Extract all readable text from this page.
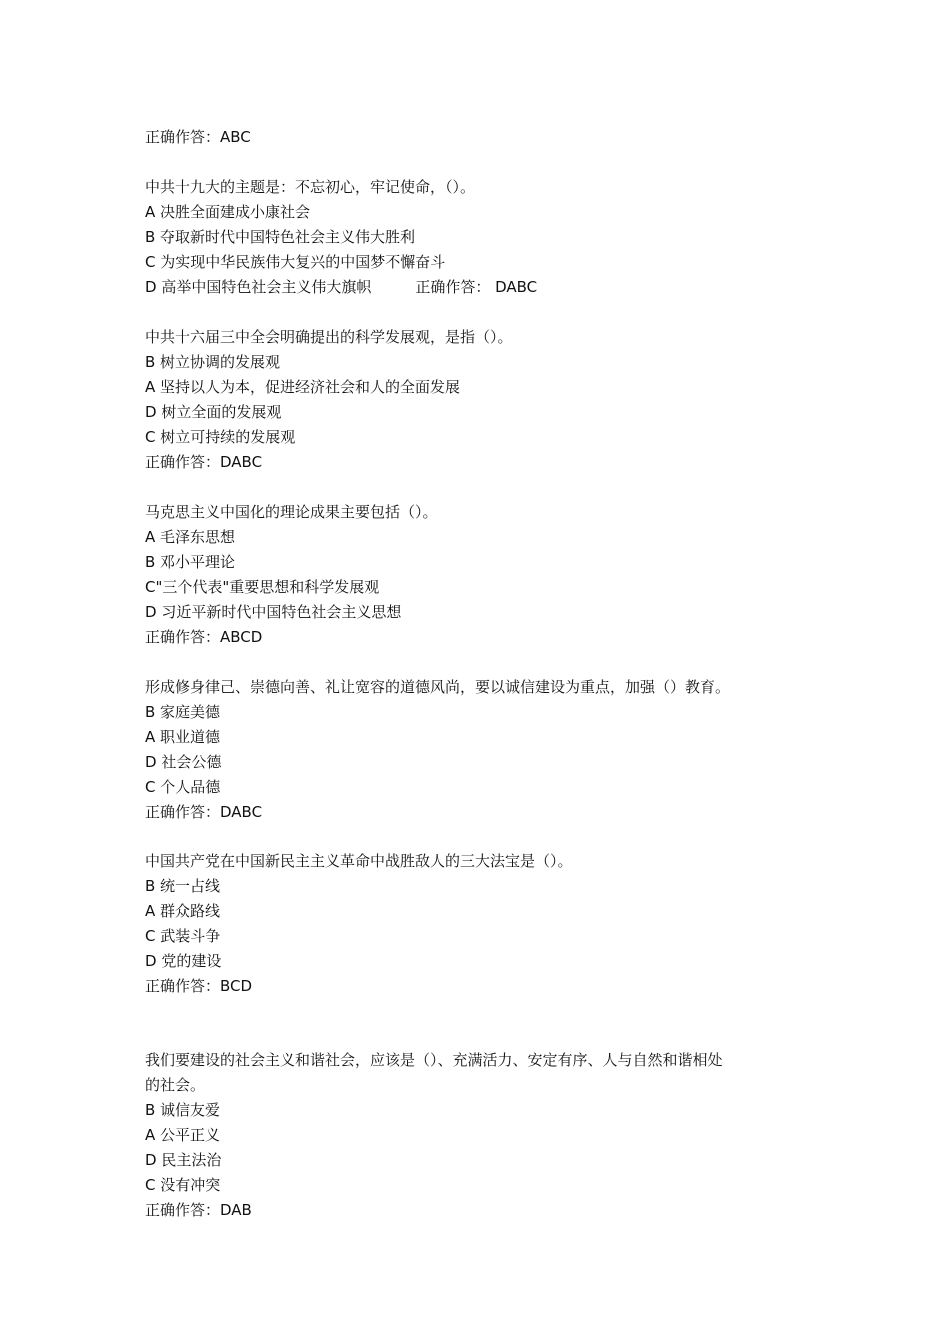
正确作答：ABC
中共十九大的主题是：不忘初心，牢记使命，（）。
A 决胜全面建成小康社会
B 夺取新时代中国特色社会主义伟大胜利
C 为实现中华民族伟大复兴的中国梦不懈奋斗
D 高举中国特色社会主义伟大旗帜	正确作答： DABC
中共十六届三中全会明确提出的科学发展观，是指（）。
B 树立协调的发展观
A 坚持以人为本，促进经济社会和人的全面发展
D 树立全面的发展观
C 树立可持续的发展观
正确作答：DABC
马克思主义中国化的理论成果主要包括（）。
A 毛泽东思想
B 邓小平理论
C"三个代表"重要思想和科学发展观
D 习近平新时代中国特色社会主义思想
正确作答：ABCD
形成修身律己、崇德向善、礼让宽容的道德风尚，要以诚信建设为重点，加强（）教育。
B 家庭美德
A 职业道德
D 社会公德
C 个人品德
正确作答：DABC
中国共产党在中国新民主主义革命中战胜敌人的三大法宝是（）。
B 统一占线
A 群众路线
C 武装斗争
D 党的建设
正确作答：BCD
我们要建设的社会主义和谐社会，应该是（）、充满活力、安定有序、人与自然和谐相处
的社会。
B 诚信友爱
A 公平正义
D 民主法治
C 没有冲突
正确作答：DAB
